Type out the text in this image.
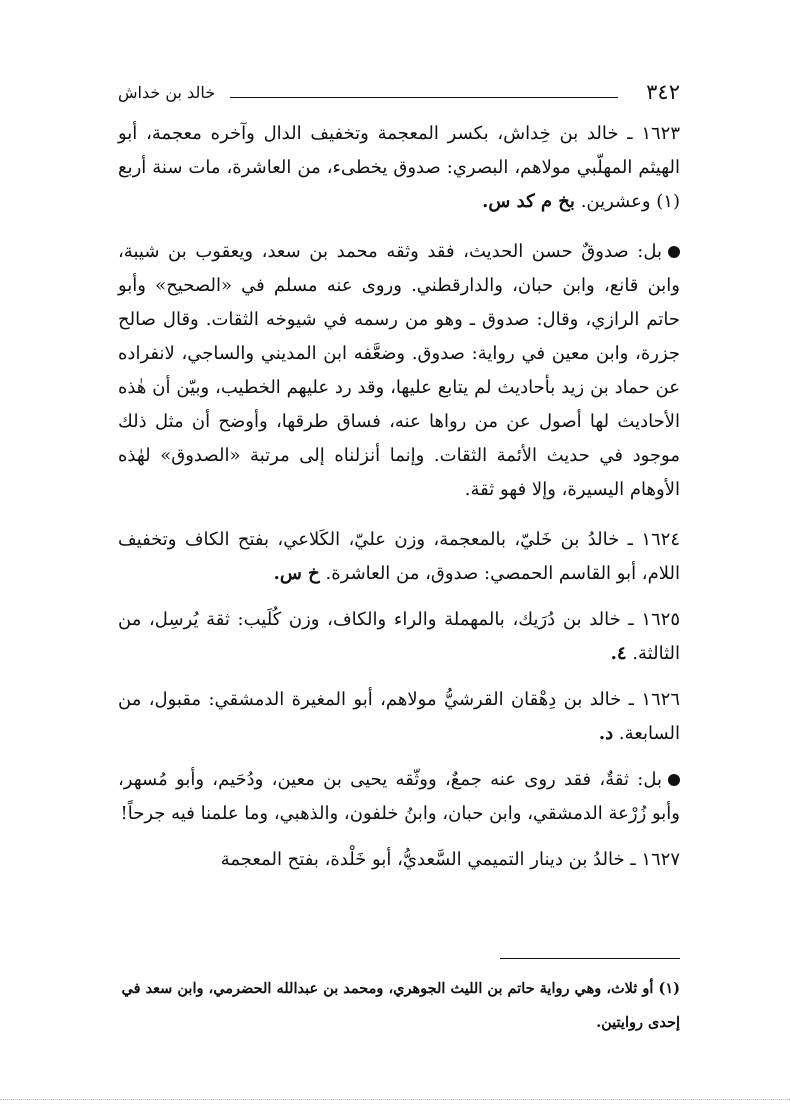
خالد بن خداش	٣٤٢

١٦٢٣ ـ خالد بن خِداش، بكسر المعجمة وتخفيف الدال وآخره معجمة، أبو الهيثم المهلّبي مولاهم، البصري: صدوق يخطىء، من العاشرة، مات سنة أربع (١) وعشرين. بخ م كد س.

بل: صدوقٌ حسن الحديث، فقد وثقه محمد بن سعد، ويعقوب بن شيبة، وابن قانع، وابن حبان، والدارقطني. وروى عنه مسلم في «الصحيح» وأبو حاتم الرازي، وقال: صدوق ـ وهو من رسمه في شيوخه الثقات. وقال صالح جزرة، وابن معين في رواية: صدوق. وضعَّفه ابن المديني والساجي، لانفراده عن حماد بن زيد بأحاديث لم يتابع عليها، وقد رد عليهم الخطيب، وبيّن أن هٰذه الأحاديث لها أصول عن من رواها عنه، فساق طرقها، وأوضح أن مثل ذلك موجود في حديث الأئمة الثقات. وإنما أنزلناه إلى مرتبة «الصدوق» لهٰذه الأوهام اليسيرة، وإلا فهو ثقة.

١٦٢٤ ـ خالدُ بن خَليّ، بالمعجمة، وزن عليّ، الكَلاعي، بفتح الكاف وتخفيف اللام، أبو القاسم الحمصي: صدوق، من العاشرة. خ س.

١٦٢٥ ـ خالد بن دُرَيك، بالمهملة والراء والكاف، وزن كُلَيب: ثقة يُرسِل، من الثالثة. ٤.

١٦٢٦ ـ خالد بن دِهْقان القرشيُّ مولاهم، أبو المغيرة الدمشقي: مقبول، من السابعة. د.

بل: ثقةٌ، فقد روى عنه جمعٌ، ووثّقه يحيى بن معين، ودُحَيم، وأبو مُسهر، وأبو زُرْعة الدمشقي، وابن حبان، وابنُ خلفون، والذهبي، وما علمنا فيه جرحاً!

١٦٢٧ ـ خالدُ بن دينار التميمي السَّعديُّ، أبو خَلْدة، بفتح المعجمة

(١) أو ثلاث، وهي رواية حاتم بن الليث الجوهري، ومحمد بن عبدالله الحضرمي، وابن سعد في إحدى روايتين.
